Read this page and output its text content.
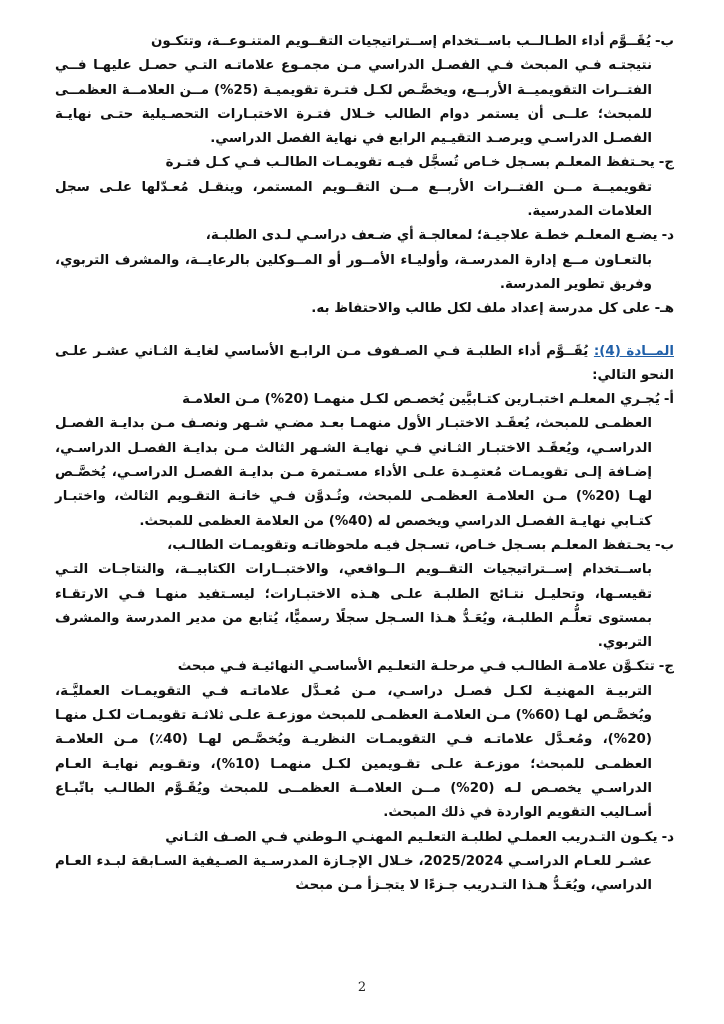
ب-يُقَــوَّم أداء الطـالــب باســتخدام إســتراتيجيات التقــويم المتنـوعــة، وتتكـون
نتيجتـه فـي المبحث فـي الفصـل الدراسي مـن مجمـوع علاماتـه التـي حصـل عليهـا فــي الفتــرات التقويميــة الأربــع، ويخصَّـص لكـل فتـرة تقويميـة (25%) مــن العلامــة العظمــى للمبحث؛ علــى أن يستمر دوام الطالب خـلال فتـرة الاختبـارات التحصـيلية حتـى نهايـة الفصـل الدراسـي ويرصـد التقيـيم الرابع في نهاية الفصل الدراسي.
ج-يحـتفظ المعلـم بسـجل خـاص تُسجَّل فيـه تقويمـات الطالـب فـي كـل فتـرة
تقويميــة مــن الفتــرات الأربــع مــن التقــويم المستمر، وينقـل مُعـدّلها علـى سجل العلامات المدرسية.
د-يضـع المعلـم خطـة علاجيـة؛ لمعالجـة أي ضـعف دراسـي لـدى الطلبـة،
بالتعـاون مــع إدارة المدرسـة، وأوليـاء الأمــور أو المــوكلين بالرعايــة، والمشرف التربوي، وفريق تطوير المدرسة.
هـ-على كل مدرسة إعداد ملف لكل طالب والاحتفاظ به.
المــادة (4): يُقَــوَّم أداء الطلبـة فـي الصـفوف مـن الرابـع الأساسي لغايـة الثـاني عشـر علـى النحو التالي:
أ-يُجـري المعلـم اختبـارين كتـابيَّين يُخصـص لكـل منهمـا (20%) مـن العلامـة
العظمـى للمبحث، يُعقَـد الاختبـار الأول منهمـا بعـد مضـي شـهر ونصـف مـن بدايـة الفصـل الدراسـي، ويُعقَـد الاختبـار الثـاني فـي نهايـة الشـهر الثالث مـن بدايـة الفصـل الدراسـي، إضـافة إلـى تقويمـات مُعتمِـدة علـى الأداء مسـتمرة مـن بدايـة الفصـل الدراسـي، يُخصَّـص لهـا (20%) مـن العلامـة العظمـى للمبحث، وتُـدوَّن فـي خانـة التقـويم الثالث، واختبـار كتـابي نهايـة الفصـل الدراسي ويخصص له (40%) من العلامة العظمى للمبحث.
ب-يحـتفظ المعلـم بسـجل خـاص، تسـجل فيـه ملحوظاتـه وتقويمـات الطالـب،
باســتخدام إســتراتيجيات التقــويم الــواقعي، والاختبــارات الكتابيــة، والنتاجـات التـي تقيسـها، وتحليـل نتـائج الطلبـة علـى هـذه الاختبـارات؛ ليسـتفيد منهـا فـي الارتقـاء بمستوى تعلُّـم الطلبـة، ويُعَـدُّ هـذا السـجل سجلًا رسميًّا، يُتابع من مدير المدرسة والمشرف التربوي.
ج-تتكـوَّن علامـة الطالـب فـي مرحلـة التعلـيم الأساسـي النهائيـة فـي مبحث
التربيـة المهنيـة لكـل فصـل دراسـي، مـن مُعـدَّل علاماتـه فـي التقويمـات العمليَّـة، ويُخصَّـص لهـا (60%) مـن العلامـة العظمـى للمبحث موزعـة علـى ثلاثـة تقويمـات لكـل منهـا (20%)، ومُعـدَّل علاماتـه فـي التقويمـات النظريـة ويُخصَّـص لهـا (40٪) مـن العلامـة العظمـى للمبحث؛ موزعـة علـى تقـويمين لكـل منهمـا (10%)، وتقـويم نهايـة العـام الدراسـي يخصـص لـه (20%) مــن العلامــة العظمــى للمبحث ويُقَـوَّم الطالـب باتّبـاع أسـاليب التقويم الواردة في ذلك المبحث.
د-يكـون التـدريب العملـي لطلبـة التعلـيم المهنـي الـوطني فـي الصـف الثـاني
عشـر للعـام الدراسـي 2025/2024، خـلال الإجـازة المدرسـية الصـيفية السـابقة لبـدء العـام الدراسي، ويُعَـدُّ هـذا التـدريب جـزءًا لا يتجـزأ مـن مبحث
2
